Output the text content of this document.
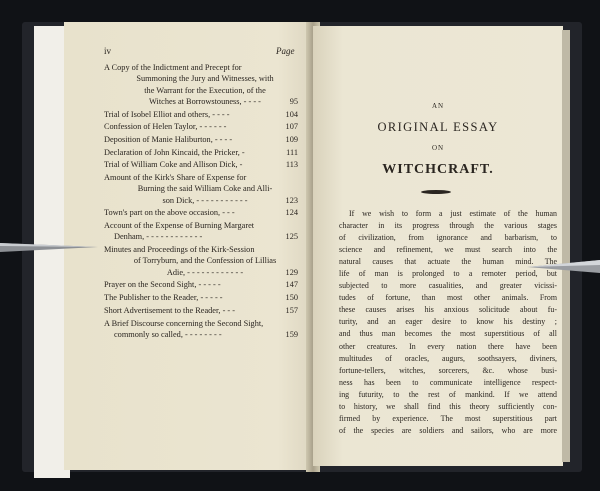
iv	Page
A Copy of the Indictment and Precept for
Summoning the Jury and Witnesses, with
the Warrant for the Execution, of the
Witches at Borrowstouness, - - - -	95
Trial of Isobel Elliot and others, - - - -	104
Confession of Helen Taylor, - - - - - -	107
Deposition of Manie Haliburton, - - - -	109
Declaration of John Kincaid, the Pricker, -	111
Trial of William Coke and Allison Dick, -	113
Amount of the Kirk's Share of Expense for
Burning the said William Coke and Alli-
son Dick, - - - - - - - - - - -	123
Town's part on the above occasion, - - -	124
Account of the Expense of Burning Margaret
Denham, - - - - - - - - - - - -	125
Minutes and Proceedings of the Kirk-Session
of Torryburn, and the Confession of Lillias
Adie, - - - - - - - - - - - -	129
Prayer on the Second Sight, - - - - -	147
The Publisher to the Reader, - - - - -	150
Short Advertisement to the Reader, - - -	157
A Brief Discourse concerning the Second Sight,
commonly so called, - - - - - - - -	159
AN
ORIGINAL ESSAY
ON
WITCHCRAFT.
If we wish to form a just estimate of the human
character in its progress through the various stages
of civilization, from ignorance and barbarism, to
science and refinement, we must search into the
natural causes that actuate the human mind. The
life of man is prolonged to a remoter period, but
subjected to more casualities, and greater vicissi-
tudes of fortune, than most other animals. From
these causes arises his anxious solicitude about fu-
turity, and an eager desire to know his destiny ;
and thus man becomes the most superstitious of all
other creatures. In every nation there have been
multitudes of oracles, augurs, soothsayers, diviners,
fortune-tellers, witches, sorcerers, &c. whose busi-
ness has been to communicate intelligence respect-
ing futurity, to the rest of mankind. If we attend
to history, we shall find this theory sufficiently con-
firmed by experience. The most superstitious part
of the species are soldiers and sailors, who are more
